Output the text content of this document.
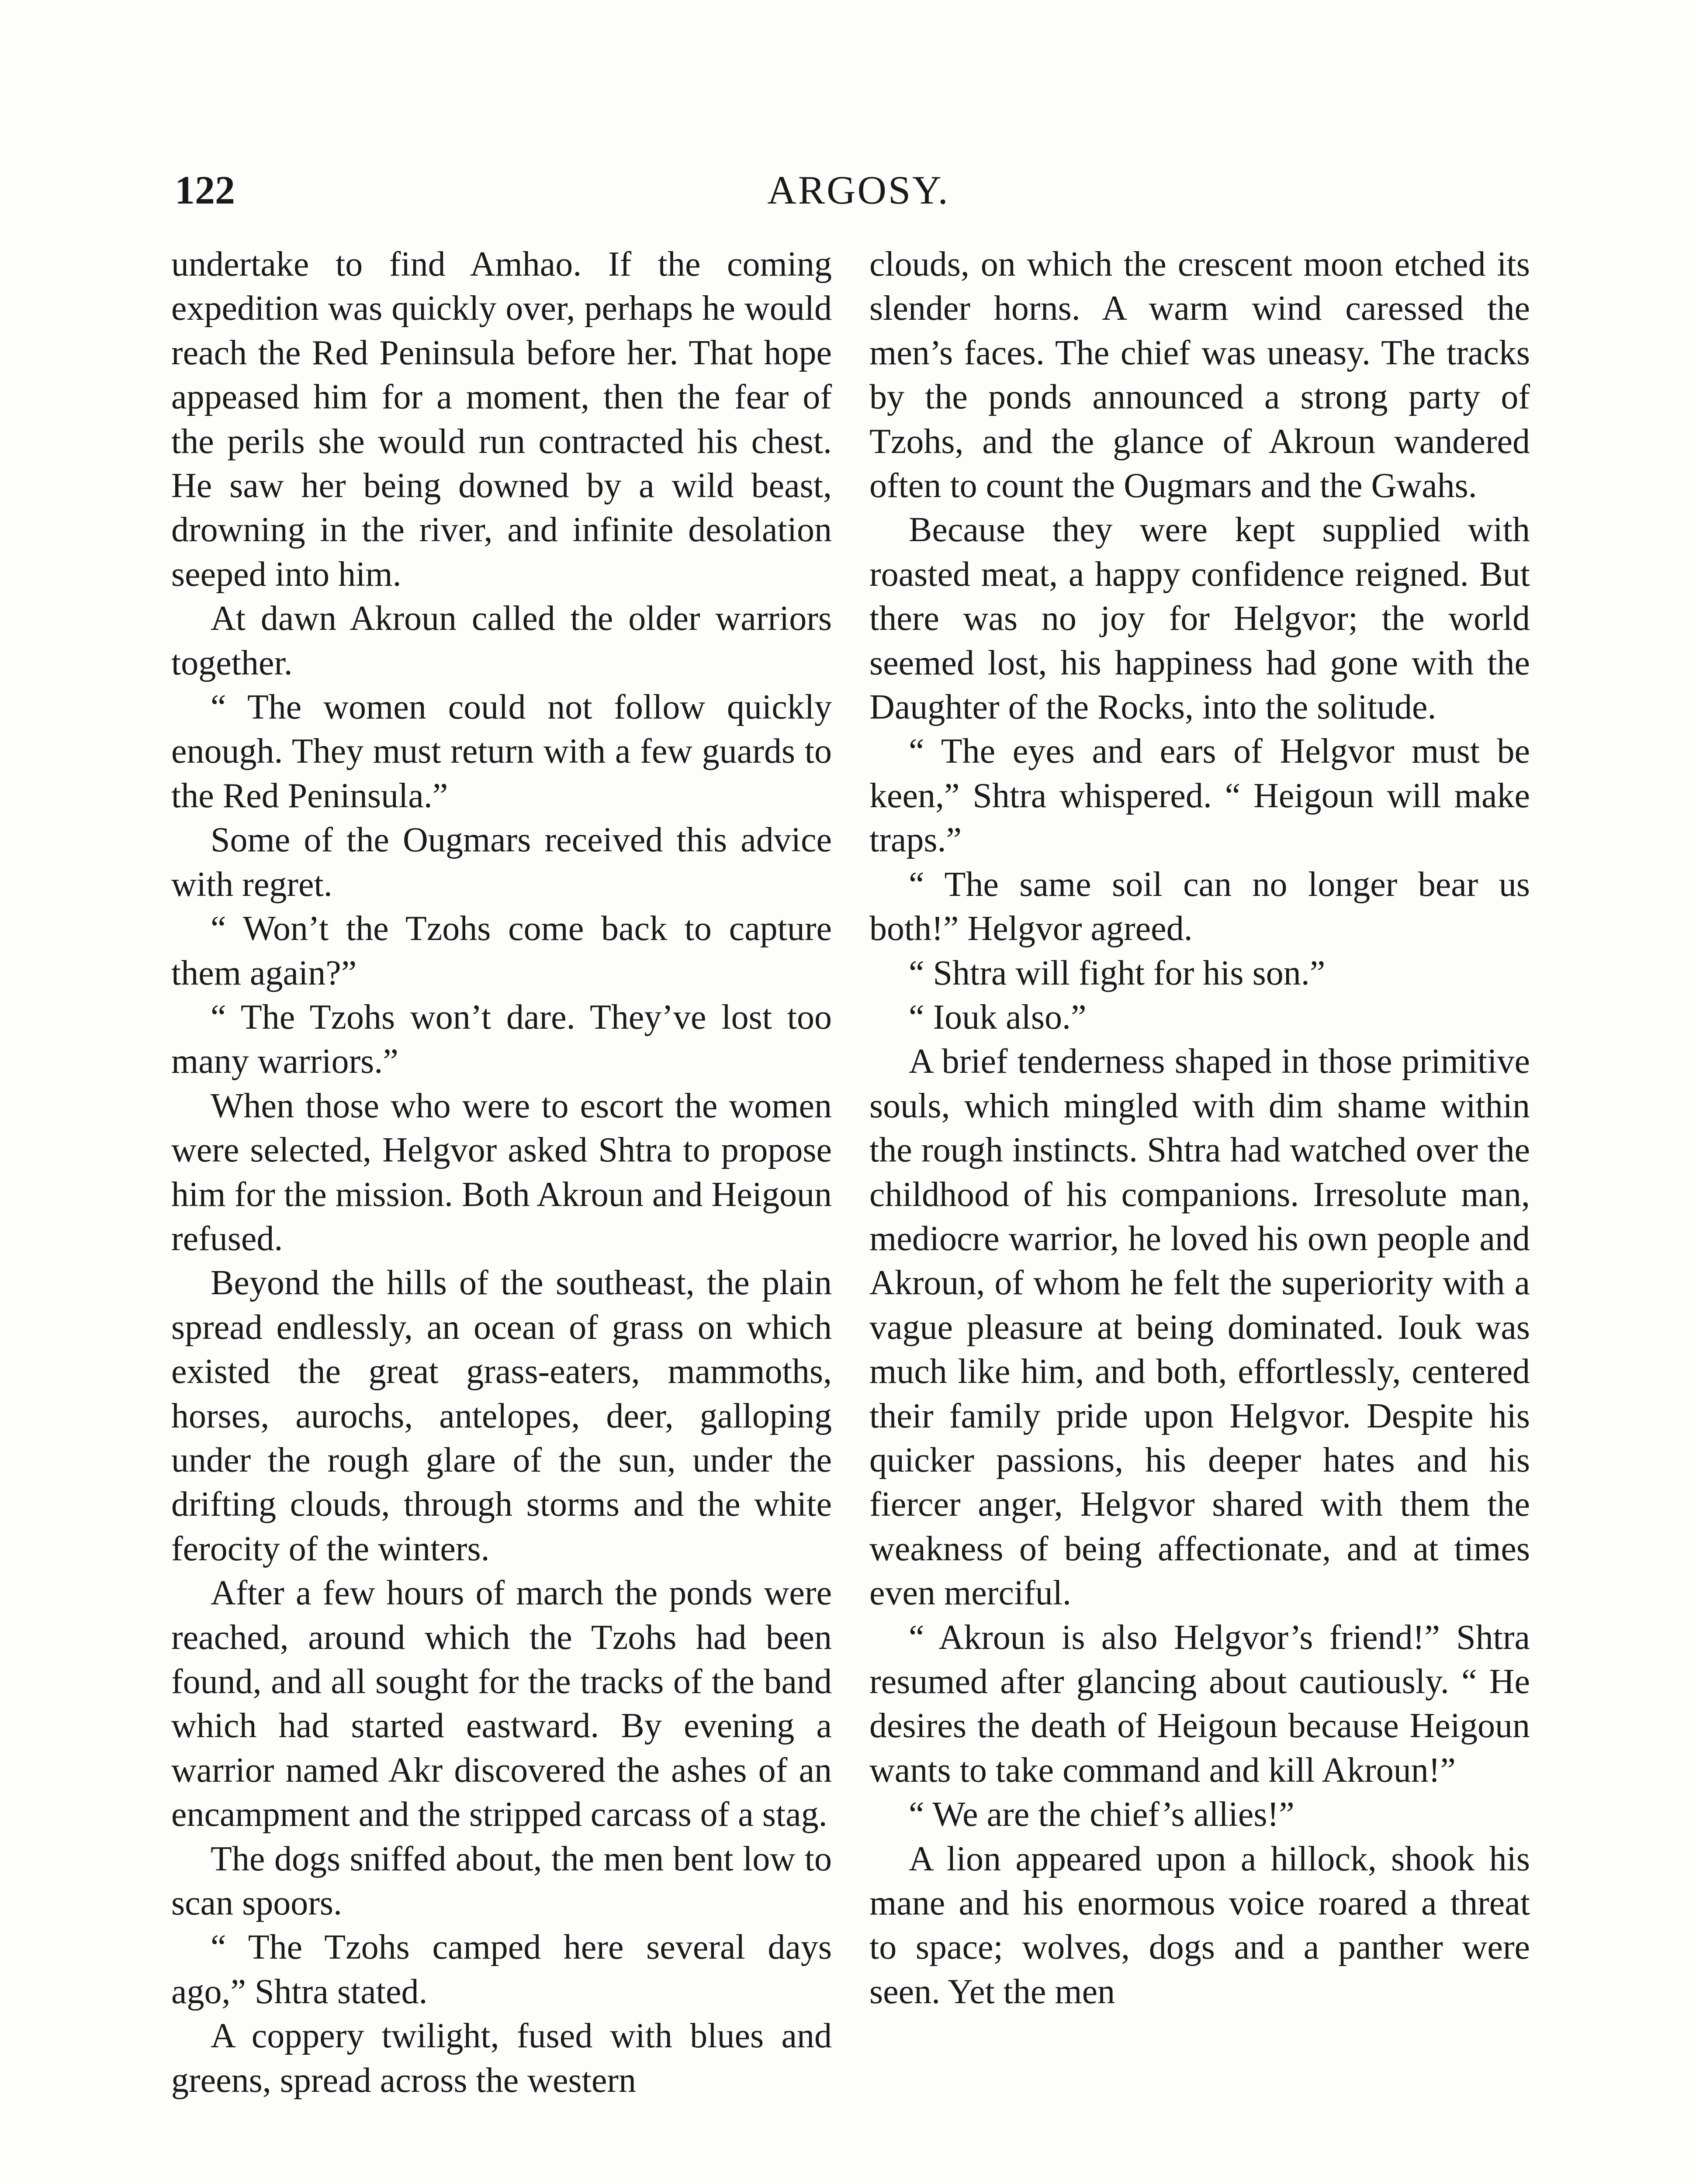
122	ARGOSY.

undertake to find Amhao. If the coming expedition was quickly over, perhaps he would reach the Red Peninsula before her. That hope appeased him for a moment, then the fear of the perils she would run contracted his chest. He saw her being downed by a wild beast, drowning in the river, and infinite desolation seeped into him.

At dawn Akroun called the older warriors together.

“ The women could not follow quickly enough. They must return with a few guards to the Red Peninsula.”

Some of the Ougmars received this advice with regret.

“ Won’t the Tzohs come back to capture them again?”

“ The Tzohs won’t dare. They’ve lost too many warriors.”

When those who were to escort the women were selected, Helgvor asked Shtra to propose him for the mission. Both Akroun and Heigoun refused.

Beyond the hills of the southeast, the plain spread endlessly, an ocean of grass on which existed the great grass-eaters, mammoths, horses, aurochs, antelopes, deer, galloping under the rough glare of the sun, under the drifting clouds, through storms and the white ferocity of the winters.

After a few hours of march the ponds were reached, around which the Tzohs had been found, and all sought for the tracks of the band which had started eastward. By evening a warrior named Akr discovered the ashes of an encampment and the stripped carcass of a stag.

The dogs sniffed about, the men bent low to scan spoors.

“ The Tzohs camped here several days ago,” Shtra stated.

A coppery twilight, fused with blues and greens, spread across the western

clouds, on which the crescent moon etched its slender horns. A warm wind caressed the men’s faces. The chief was uneasy. The tracks by the ponds announced a strong party of Tzohs, and the glance of Akroun wandered often to count the Ougmars and the Gwahs.

Because they were kept supplied with roasted meat, a happy confidence reigned. But there was no joy for Helgvor; the world seemed lost, his happiness had gone with the Daughter of the Rocks, into the solitude.

“ The eyes and ears of Helgvor must be keen,” Shtra whispered. “ Heigoun will make traps.”

“ The same soil can no longer bear us both!” Helgvor agreed.

“ Shtra will fight for his son.”

“ Iouk also.”

A brief tenderness shaped in those primitive souls, which mingled with dim shame within the rough instincts. Shtra had watched over the childhood of his companions. Irresolute man, mediocre warrior, he loved his own people and Akroun, of whom he felt the superiority with a vague pleasure at being dominated. Iouk was much like him, and both, effortlessly, centered their family pride upon Helgvor. Despite his quicker passions, his deeper hates and his fiercer anger, Helgvor shared with them the weakness of being affectionate, and at times even merciful.

“ Akroun is also Helgvor’s friend!” Shtra resumed after glancing about cautiously. “ He desires the death of Heigoun because Heigoun wants to take command and kill Akroun!”

“ We are the chief’s allies!”

A lion appeared upon a hillock, shook his mane and his enormous voice roared a threat to space; wolves, dogs and a panther were seen. Yet the men
